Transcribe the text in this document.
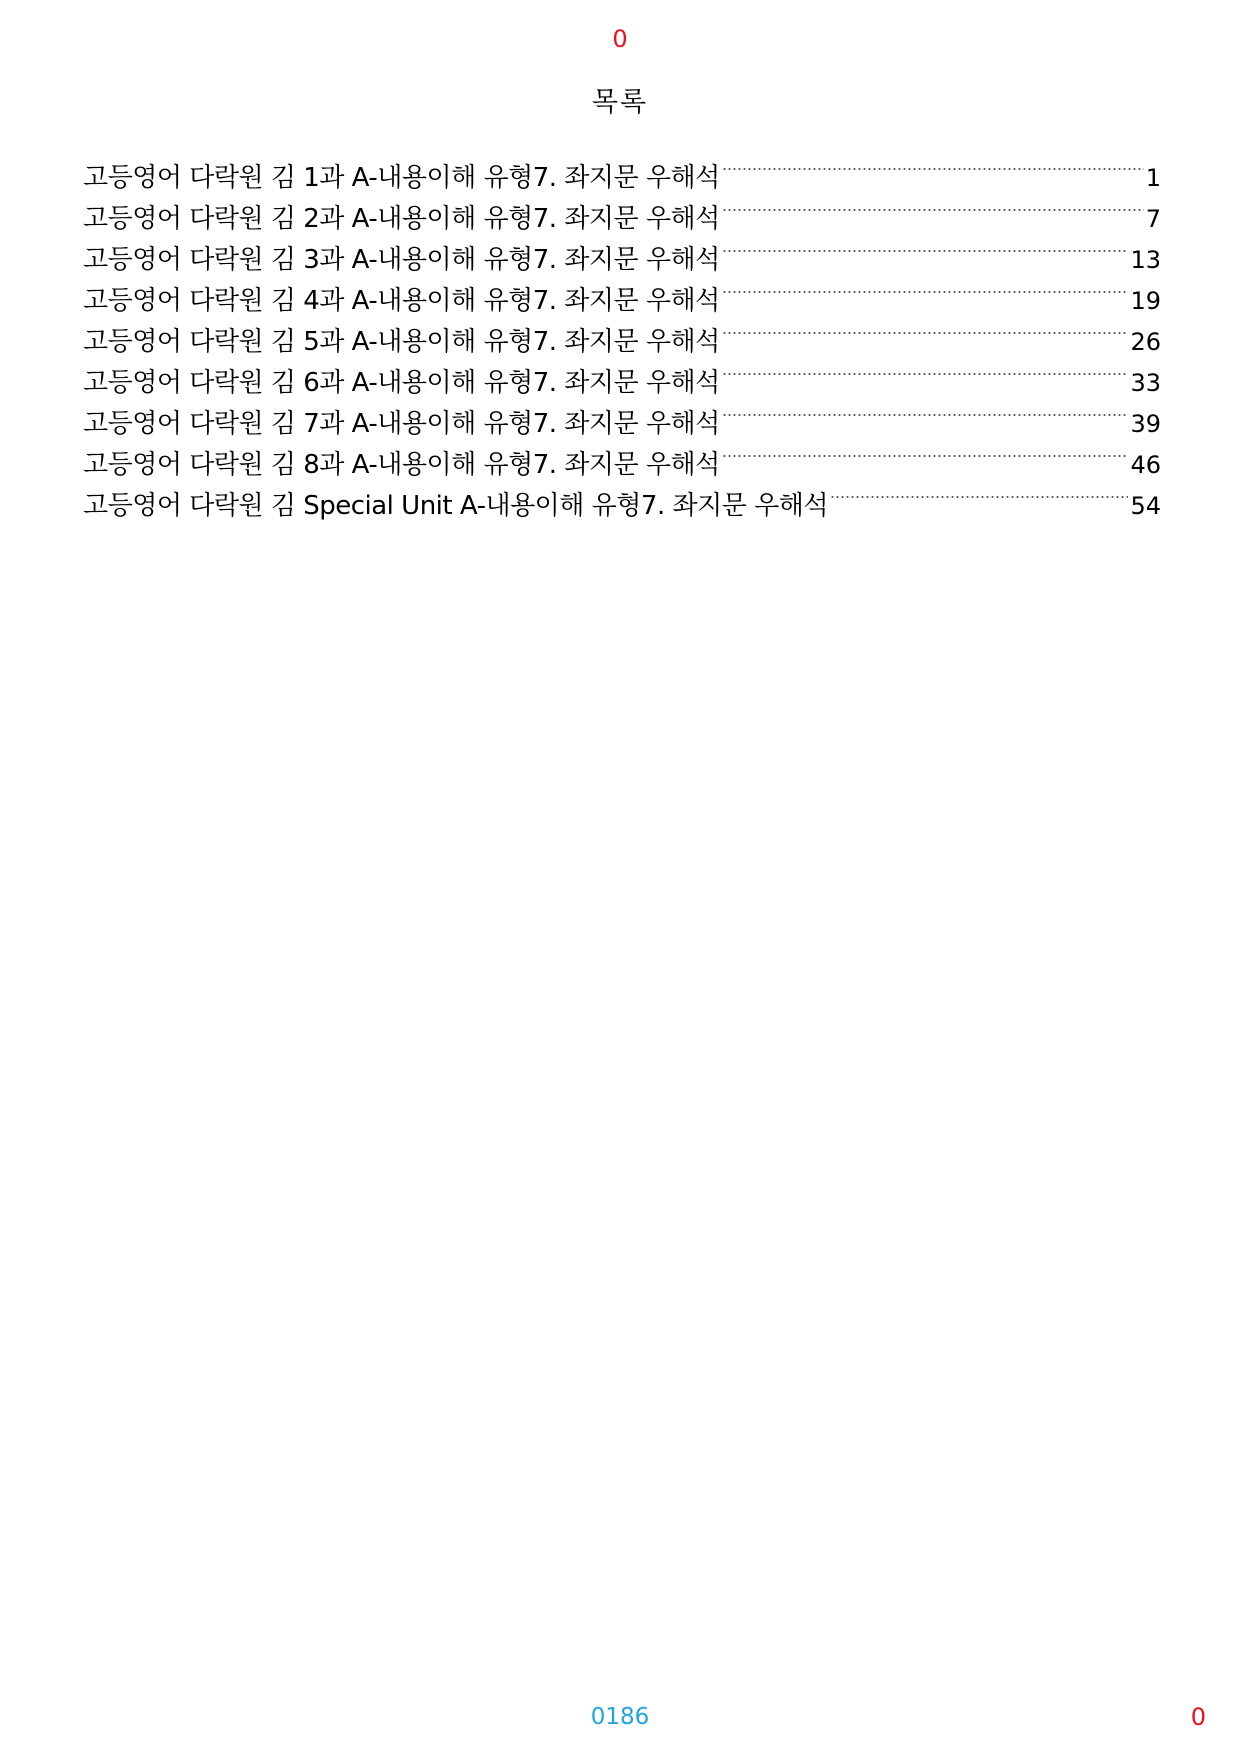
0
목록
고등영어 다락원 김 1과 A-내용이해 유형7. 좌지문 우해석	1
고등영어 다락원 김 2과 A-내용이해 유형7. 좌지문 우해석	7
고등영어 다락원 김 3과 A-내용이해 유형7. 좌지문 우해석	13
고등영어 다락원 김 4과 A-내용이해 유형7. 좌지문 우해석	19
고등영어 다락원 김 5과 A-내용이해 유형7. 좌지문 우해석	26
고등영어 다락원 김 6과 A-내용이해 유형7. 좌지문 우해석	33
고등영어 다락원 김 7과 A-내용이해 유형7. 좌지문 우해석	39
고등영어 다락원 김 8과 A-내용이해 유형7. 좌지문 우해석	46
고등영어 다락원 김 Special Unit A-내용이해 유형7. 좌지문 우해석	54
0186	0
